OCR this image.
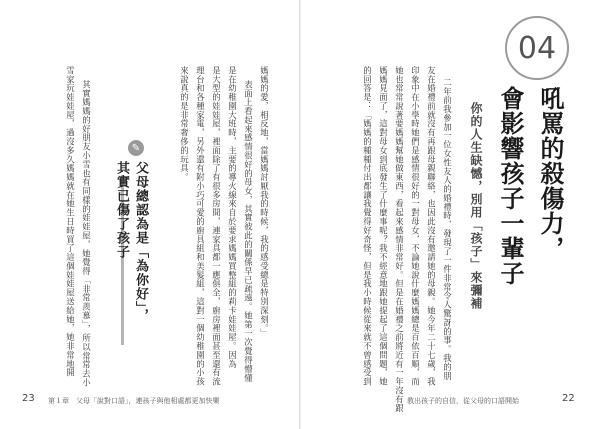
04
吼罵的殺傷力，
會影響孩子一輩子
你的人生缺憾，別用「孩子」來彌補
二年前我參加一位女性友人的婚禮時，發現了一件非常令人驚訝的事。我的朋
友在婚禮前就沒有再跟母親聯絡，也因此沒有邀請她的母親。她今年二十七歲，我
印象中在小學時她們是感情很好的一對母女，不論她說什麼媽媽總是百依百順，而
她也常常說著要媽媽幫她做東西，看起來感情非常好。但是在婚禮之前將近有一年沒有跟
媽媽見面了，這對母女到底發生了什麼事呢？我不經意地跟她提起了這個問題，她
的回答是：「媽媽的種種付出都讓我覺得好奇怪，但是我小時候從來就不曾感受到
教出孩子的自信，從父母的口語開始	22
媽媽的愛，相反地，當媽媽討厭我的時候，我的感受總是特別深刻。」
表面上看起來感情很好的母女，其實彼此的關係早已疏遠。她第一次覺得懵懂
是在幼稚園大班時，主要的導火線來自於要求媽媽買整組的莉卡娃娃屋。因為
是大型的娃娃屋，裡面除了有很多房間，連家具都一應俱全，廚房裡面甚至還有流
理台和各種家電，另外還有附小巧可愛的廚具組和美髮組，這對一個幼稚園的小孩
來說真的是非常奢侈的玩具。
✎
父母總認為是「為你好」，
其實已傷了孩子
其實媽媽的好朋友小雪也有同樣的娃娃屋，她覺得「非常羨慕」，所以常常去小
雪家玩娃娃屋，過沒多久媽媽就在她生日時買了這個娃娃屋送給她，她非常地開
23 第１章　父母「說對口語」，連孩子與他相處都更加快樂
